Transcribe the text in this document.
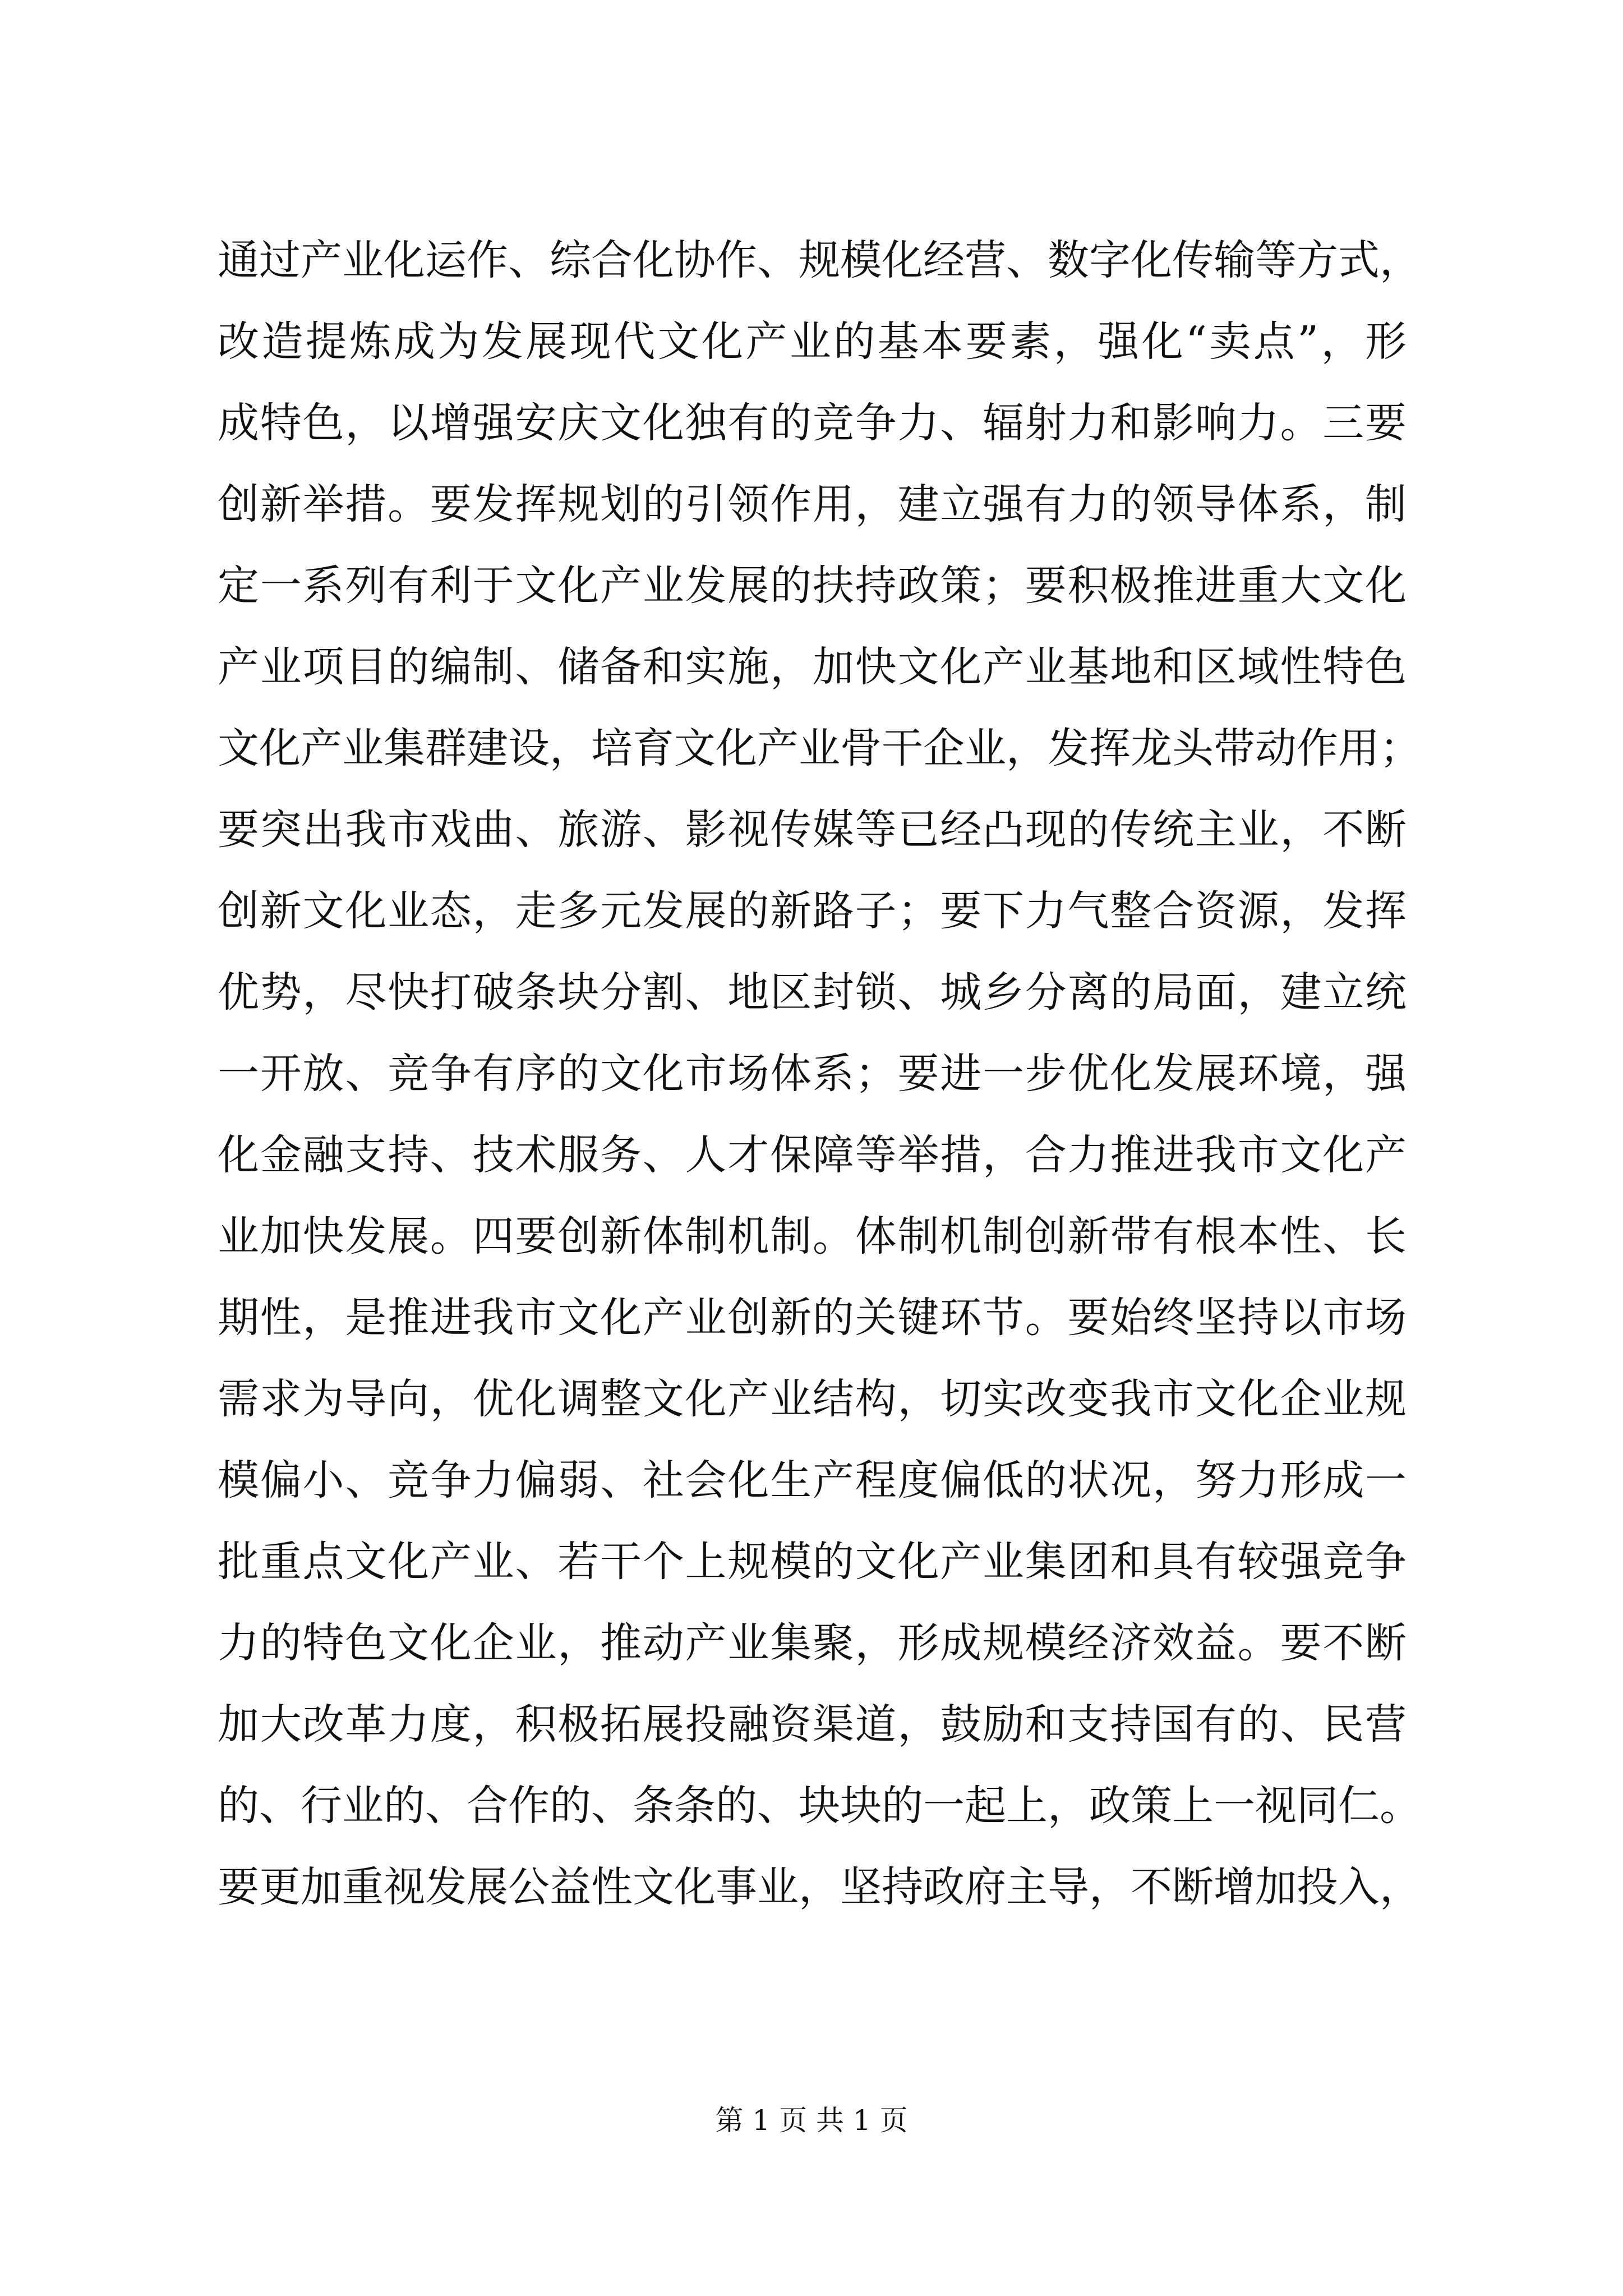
通过产业化运作、综合化协作、规模化经营、数字化传输等方式，
改造提炼成为发展现代文化产业的基本要素，强化“卖点”，形
成特色，以增强安庆文化独有的竞争力、辐射力和影响力。三要
创新举措。要发挥规划的引领作用，建立强有力的领导体系，制
定一系列有利于文化产业发展的扶持政策；要积极推进重大文化
产业项目的编制、储备和实施，加快文化产业基地和区域性特色
文化产业集群建设，培育文化产业骨干企业，发挥龙头带动作用；
要突出我市戏曲、旅游、影视传媒等已经凸现的传统主业，不断
创新文化业态，走多元发展的新路子；要下力气整合资源，发挥
优势，尽快打破条块分割、地区封锁、城乡分离的局面，建立统
一开放、竞争有序的文化市场体系；要进一步优化发展环境，强
化金融支持、技术服务、人才保障等举措，合力推进我市文化产
业加快发展。四要创新体制机制。体制机制创新带有根本性、长
期性，是推进我市文化产业创新的关键环节。要始终坚持以市场
需求为导向，优化调整文化产业结构，切实改变我市文化企业规
模偏小、竞争力偏弱、社会化生产程度偏低的状况，努力形成一
批重点文化产业、若干个上规模的文化产业集团和具有较强竞争
力的特色文化企业，推动产业集聚，形成规模经济效益。要不断
加大改革力度，积极拓展投融资渠道，鼓励和支持国有的、民营
的、行业的、合作的、条条的、块块的一起上，政策上一视同仁。
要更加重视发展公益性文化事业，坚持政府主导，不断增加投入，
第 1 页 共 1 页
